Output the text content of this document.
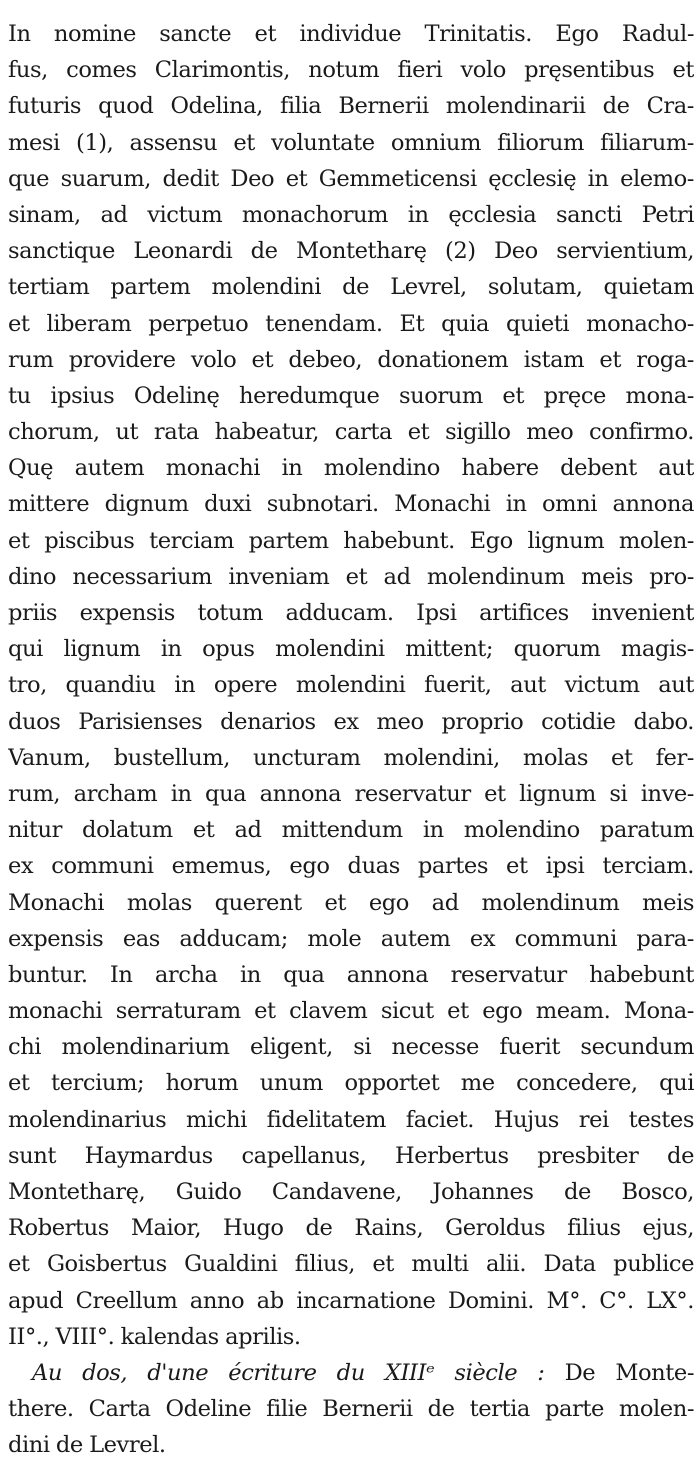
In nomine sancte et individue Trinitatis. Ego Radul-
fus, comes Clarimontis, notum fieri volo pręsentibus et
futuris quod Odelina, filia Bernerii molendinarii de Cra-
mesi (1), assensu et voluntate omnium filiorum filiarum-
que suarum, dedit Deo et Gemmeticensi ęcclesię in elemo-
sinam, ad victum monachorum in ęcclesia sancti Petri
sanctique Leonardi de Montetharę (2) Deo servientium,
tertiam partem molendini de Levrel, solutam, quietam
et liberam perpetuo tenendam. Et quia quieti monacho-
rum providere volo et debeo, donationem istam et roga-
tu ipsius Odelinę heredumque suorum et pręce mona-
chorum, ut rata habeatur, carta et sigillo meo confirmo.
Quę autem monachi in molendino habere debent aut
mittere dignum duxi subnotari. Monachi in omni annona
et piscibus terciam partem habebunt. Ego lignum molen-
dino necessarium inveniam et ad molendinum meis pro-
priis expensis totum adducam. Ipsi artifices invenient
qui lignum in opus molendini mittent; quorum magis-
tro, quandiu in opere molendini fuerit, aut victum aut
duos Parisienses denarios ex meo proprio cotidie dabo.
Vanum, bustellum, uncturam molendini, molas et fer-
rum, archam in qua annona reservatur et lignum si inve-
nitur dolatum et ad mittendum in molendino paratum
ex communi ememus, ego duas partes et ipsi terciam.
Monachi molas querent et ego ad molendinum meis
expensis eas adducam; mole autem ex communi para-
buntur. In archa in qua annona reservatur habebunt
monachi serraturam et clavem sicut et ego meam. Mona-
chi molendinarium eligent, si necesse fuerit secundum
et tercium; horum unum opportet me concedere, qui
molendinarius michi fidelitatem faciet. Hujus rei testes
sunt Haymardus capellanus, Herbertus presbiter de
Montetharę, Guido Candavene, Johannes de Bosco,
Robertus Maior, Hugo de Rains, Geroldus filius ejus,
et Goisbertus Gualdini filius, et multi alii. Data publice
apud Creellum anno ab incarnatione Domini. M°. C°. LX°.
II°., VIII°. kalendas aprilis.
Au dos, d'une écriture du XIIIᵉ siècle : De Monte-
there. Carta Odeline filie Bernerii de tertia parte molen-
dini de Levrel.
